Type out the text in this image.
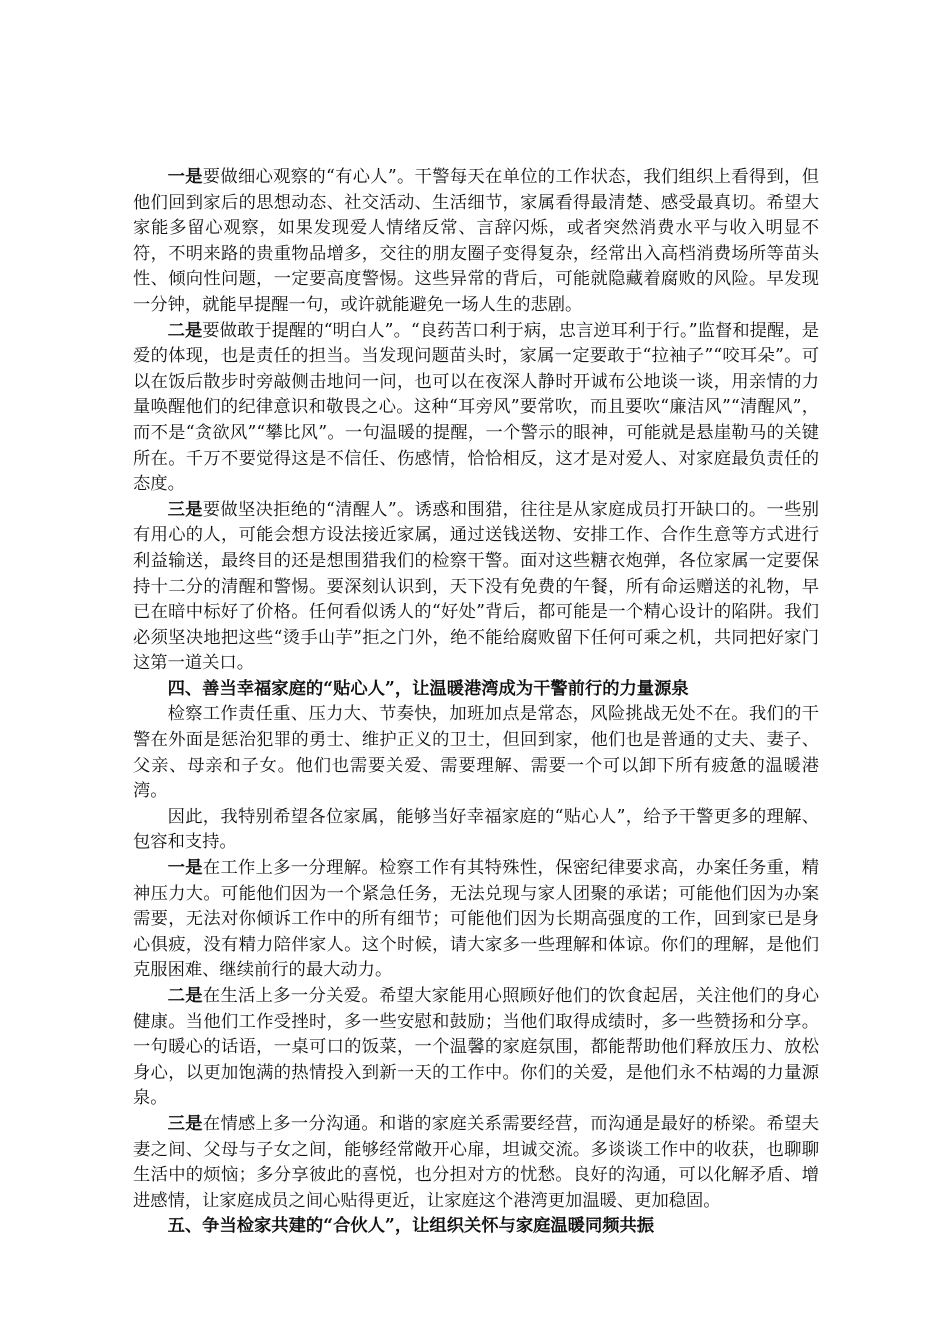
一是要做细心观察的“有心人”。干警每天在单位的工作状态，我们组织上看得到，但他们回到家后的思想动态、社交活动、生活细节，家属看得最清楚、感受最真切。希望大家能多留心观察，如果发现爱人情绪反常、言辞闪烁，或者突然消费水平与收入明显不符，不明来路的贵重物品增多，交往的朋友圈子变得复杂，经常出入高档消费场所等苗头性、倾向性问题，一定要高度警惕。这些异常的背后，可能就隐藏着腐败的风险。早发现一分钟，就能早提醒一句，或许就能避免一场人生的悲剧。

二是要做敢于提醒的“明白人”。“良药苦口利于病，忠言逆耳利于行。”监督和提醒，是爱的体现，也是责任的担当。当发现问题苗头时，家属一定要敢于“拉袖子”“咬耳朵”。可以在饭后散步时旁敲侧击地问一问，也可以在夜深人静时开诚布公地谈一谈，用亲情的力量唤醒他们的纪律意识和敬畏之心。这种“耳旁风”要常吹，而且要吹“廉洁风”“清醒风”，而不是“贪欲风”“攀比风”。一句温暖的提醒，一个警示的眼神，可能就是悬崖勒马的关键所在。千万不要觉得这是不信任、伤感情，恰恰相反，这才是对爱人、对家庭最负责任的态度。

三是要做坚决拒绝的“清醒人”。诱惑和围猎，往往是从家庭成员打开缺口的。一些别有用心的人，可能会想方设法接近家属，通过送钱送物、安排工作、合作生意等方式进行利益输送，最终目的还是想围猎我们的检察干警。面对这些糖衣炮弹，各位家属一定要保持十二分的清醒和警惕。要深刻认识到，天下没有免费的午餐，所有命运赠送的礼物，早已在暗中标好了价格。任何看似诱人的“好处”背后，都可能是一个精心设计的陷阱。我们必须坚决地把这些“烫手山芋”拒之门外，绝不能给腐败留下任何可乘之机，共同把好家门这第一道关口。

四、善当幸福家庭的“贴心人”，让温暖港湾成为干警前行的力量源泉

检察工作责任重、压力大、节奏快，加班加点是常态，风险挑战无处不在。我们的干警在外面是惩治犯罪的勇士、维护正义的卫士，但回到家，他们也是普通的丈夫、妻子、父亲、母亲和子女。他们也需要关爱、需要理解、需要一个可以卸下所有疲惫的温暖港湾。

因此，我特别希望各位家属，能够当好幸福家庭的“贴心人”，给予干警更多的理解、包容和支持。

一是在工作上多一分理解。检察工作有其特殊性，保密纪律要求高，办案任务重，精神压力大。可能他们因为一个紧急任务，无法兑现与家人团聚的承诺；可能他们因为办案需要，无法对你倾诉工作中的所有细节；可能他们因为长期高强度的工作，回到家已是身心俱疲，没有精力陪伴家人。这个时候，请大家多一些理解和体谅。你们的理解，是他们克服困难、继续前行的最大动力。

二是在生活上多一分关爱。希望大家能用心照顾好他们的饮食起居，关注他们的身心健康。当他们工作受挫时，多一些安慰和鼓励；当他们取得成绩时，多一些赞扬和分享。一句暖心的话语，一桌可口的饭菜，一个温馨的家庭氛围，都能帮助他们释放压力、放松身心，以更加饱满的热情投入到新一天的工作中。你们的关爱，是他们永不枯竭的力量源泉。

三是在情感上多一分沟通。和谐的家庭关系需要经营，而沟通是最好的桥梁。希望夫妻之间、父母与子女之间，能够经常敞开心扉，坦诚交流。多谈谈工作中的收获，也聊聊生活中的烦恼；多分享彼此的喜悦，也分担对方的忧愁。良好的沟通，可以化解矛盾、增进感情，让家庭成员之间心贴得更近，让家庭这个港湾更加温暖、更加稳固。

五、争当检家共建的“合伙人”，让组织关怀与家庭温暖同频共振
